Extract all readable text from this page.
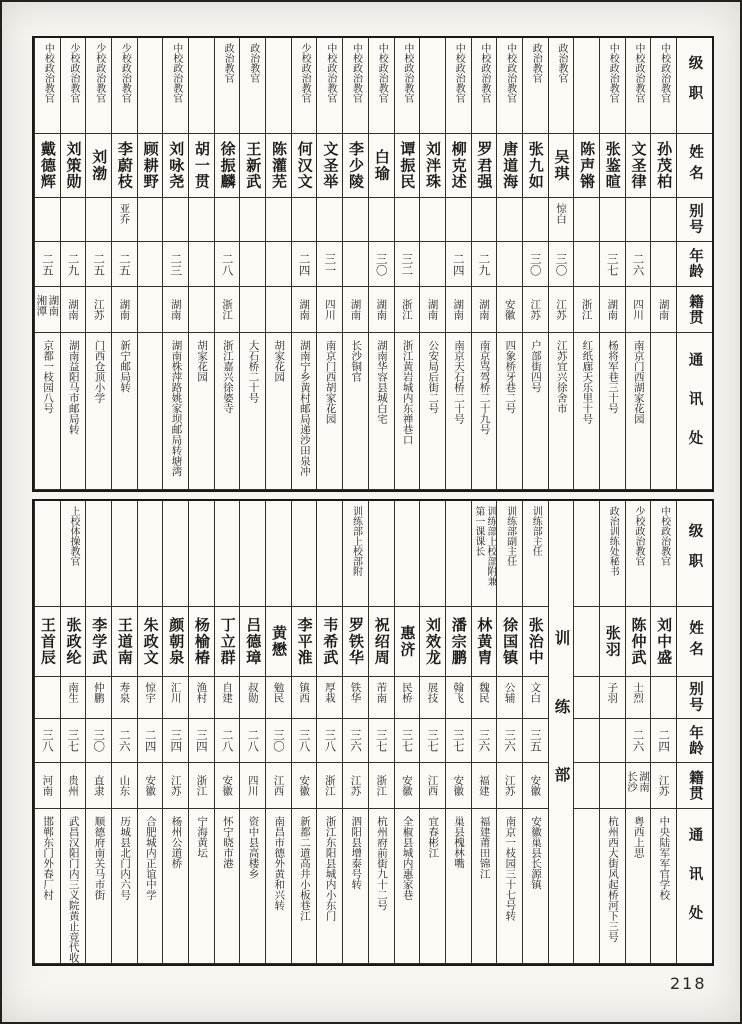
级职
姓名
别号
年龄
籍贯
通讯处
中校政治教官
孙茂柏
湖南
中校政治教官
文圣律
二六
四川
南京门西湖家花园
中校政治教官
张鉴暄
三七
湖南
杨将军巷三十号
陈声锵
浙江
红纸廊天乐里十号
政治教官
吴琪
惊白
三〇
江苏
江苏宜兴徐舍市
政治教官
张九如
三〇
江苏
户部街四号
中校政治教官
唐道海
安徽
四象桥牙巷二号
中校政治教官
罗君强
二九
湖南
南京骂驾桥二十九号
中校政治教官
柳克述
二四
湖南
南京天石桥二十号
刘泮珠
湖南
公安局后街二号
中校政治教官
谭振民
三二
浙江
浙江黄岩城内东禅巷口
中校政治教官
白瑜
三〇
湖南
湖南华容县城白宅
中校政治教官
李少陵
湖南
长沙铜官
中校政治教官
文圣举
三一
四川
南京门西胡家花园
少校政治教官
何汉文
二四
湖南
湖南宁乡黄村邮局递沙田泉冲
陈灌芜
胡家花园
政治教官
王新武
大石桥二十号
政治教官
徐振麟
二八
浙江
浙江嘉兴徐婆寺
胡一贯
胡家花园
中校政治教官
刘咏尧
二三
湖南
湖南株萍路姚家坝邮局转塘湾
顾耕野
少校政治教官
李蔚枝
亚乔
二五
湖南
新宁邮局转
少校政治教官
刘渤
二五
江苏
门西仓顶小学
少校政治教官
刘策勋
二九
湖南
湖南益阳马市邮局转
中校政治教官
戴德辉
二五
湖南湘潭
京都一枝园八号
级职
姓名
别号
年龄
籍贯
通讯处
中校政治教官
刘中盛
二四
江苏
中央陆军军官学校
少校政治教官
陈仲武
士烈
二六
湖南长沙
粤西上思
政治训练处秘书
张羽
子羽
杭州西大街风起桥河下三号
训练部
训练部主任
张治中
文白
三五
安徽
安徽巢县长源镇
训练部副主任
徐国镇
公辅
三六
江苏
南京一枝园三十七号转
训练部上校部附兼第一课课长
林黄胄
魏民
三六
福建
福建莆田锦江
潘宗鹏
翰飞
三七
安徽
巢县槐林嘴
刘效龙
展技
三七
江西
宜春彬江
惠济
民桥
三七
安徽
全椒县城内惠家巷
祝绍周
芾南
三七
浙江
杭州府前街九十二号
训练部上校部附
罗铁华
铁华
三六
江苏
泗阳县增泰号转
韦希武
厚栽
三八
浙江
浙江东阳县城内小东门
李平淮
镇西
三八
安徽
新都二道高井小板巷江
黄懋
勉民
三〇
江西
南昌市德外黄和兴转
吕德璋
叔勋
二八
四川
资中县高楼乡
丁立群
自建
二八
安徽
怀宁晓市港
杨榆椿
渔村
三四
浙江
宁海黄坛
颜朝泉
汇川
三四
江苏
杨州公道桥
朱政文
惊宇
二四
安徽
合肥城内正谊中学
王道南
寿泉
二六
山东
历城县北门内六号
李学武
仲鹏
三〇
直隶
顺德府南关马市街
上校体操教官
张政纶
南生
三七
贵州
武昌汉阳门内三义院黄止竞代收
王首辰
三八
河南
邯郸东门外春厂村
218
